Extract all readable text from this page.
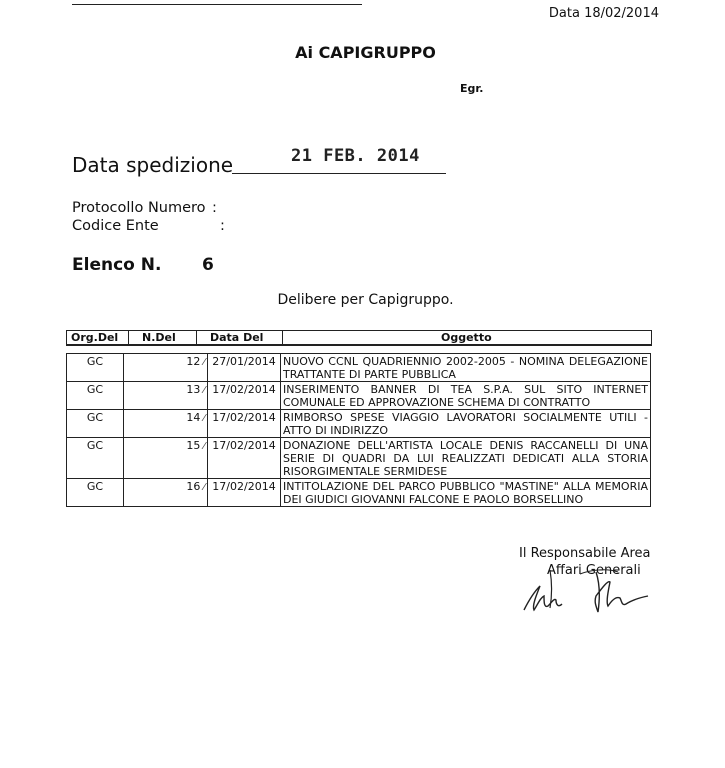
Data 18/02/2014
Ai CAPIGRUPPO
Egr.
Data spedizione	21 FEB. 2014
Protocollo Numero :
Codice Ente	:
Elenco N. 6
Delibere per Capigruppo.
Org.Del N.Del	Data Del	Oggetto
GC	12 ⁄	27/01/2014	NUOVO CCNL QUADRIENNIO 2002-2005 - NOMINA DELEGAZIONE TRATTANTE DI PARTE PUBBLICA
GC	13 ⁄	17/02/2014	INSERIMENTO BANNER DI TEA S.P.A. SUL SITO INTERNET COMUNALE ED APPROVAZIONE SCHEMA DI CONTRATTO
GC	14 ⁄	17/02/2014	RIMBORSO SPESE VIAGGIO LAVORATORI SOCIALMENTE UTILI - ATTO DI INDIRIZZO
GC	15 ⁄	17/02/2014	DONAZIONE DELL'ARTISTA LOCALE DENIS RACCANELLI DI UNA SERIE DI QUADRI DA LUI REALIZZATI DEDICATI ALLA STORIA RISORGIMENTALE SERMIDESE
GC	16 ⁄	17/02/2014	INTITOLAZIONE DEL PARCO PUBBLICO "MASTINE" ALLA MEMORIA DEI GIUDICI GIOVANNI FALCONE E PAOLO BORSELLINO
Il Responsabile Area
Affari Generali
